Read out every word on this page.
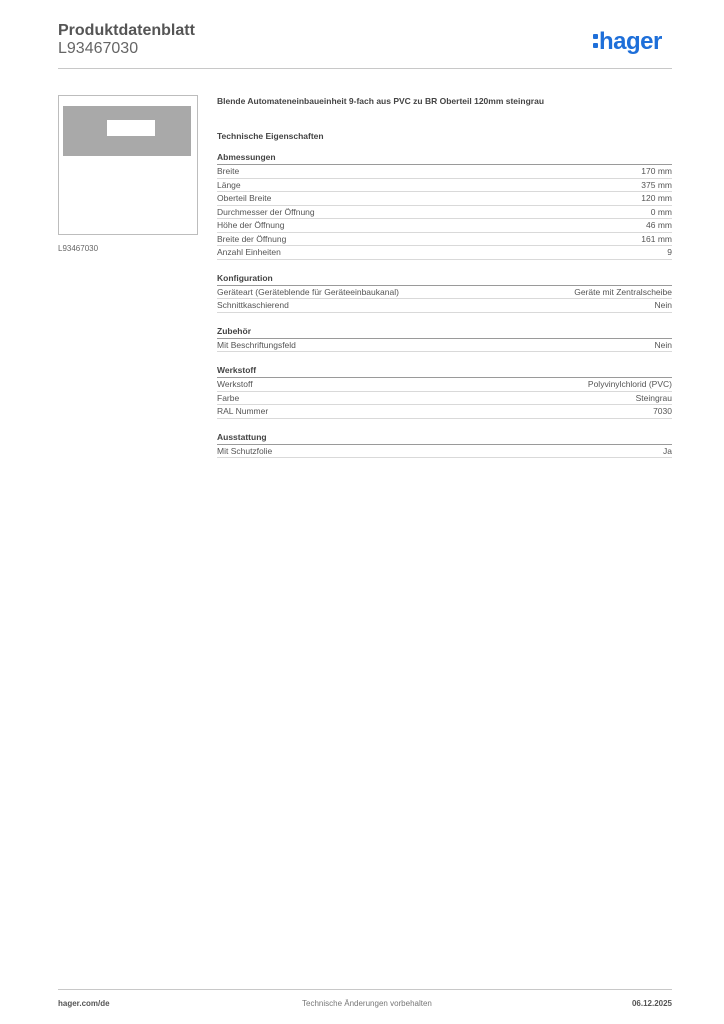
Produktdatenblatt
L93467030	hager
L93467030
Blende Automateneinbaueinheit 9-fach aus PVC zu BR Oberteil 120mm steingrau
Technische Eigenschaften
Abmessungen
Breite	170 mm
Länge	375 mm
Oberteil Breite	120 mm
Durchmesser der Öffnung	0 mm
Höhe der Öffnung	46 mm
Breite der Öffnung	161 mm
Anzahl Einheiten	9
Konfiguration
Geräteart (Geräteblende für Geräteeinbaukanal)	Geräte mit Zentralscheibe
Schnittkaschierend	Nein
Zubehör
Mit Beschriftungsfeld	Nein
Werkstoff
Werkstoff	Polyvinylchlorid (PVC)
Farbe	Steingrau
RAL Nummer	7030
Ausstattung
Mit Schutzfolie	Ja
hager.com/de	Technische Änderungen vorbehalten	06.12.2025
